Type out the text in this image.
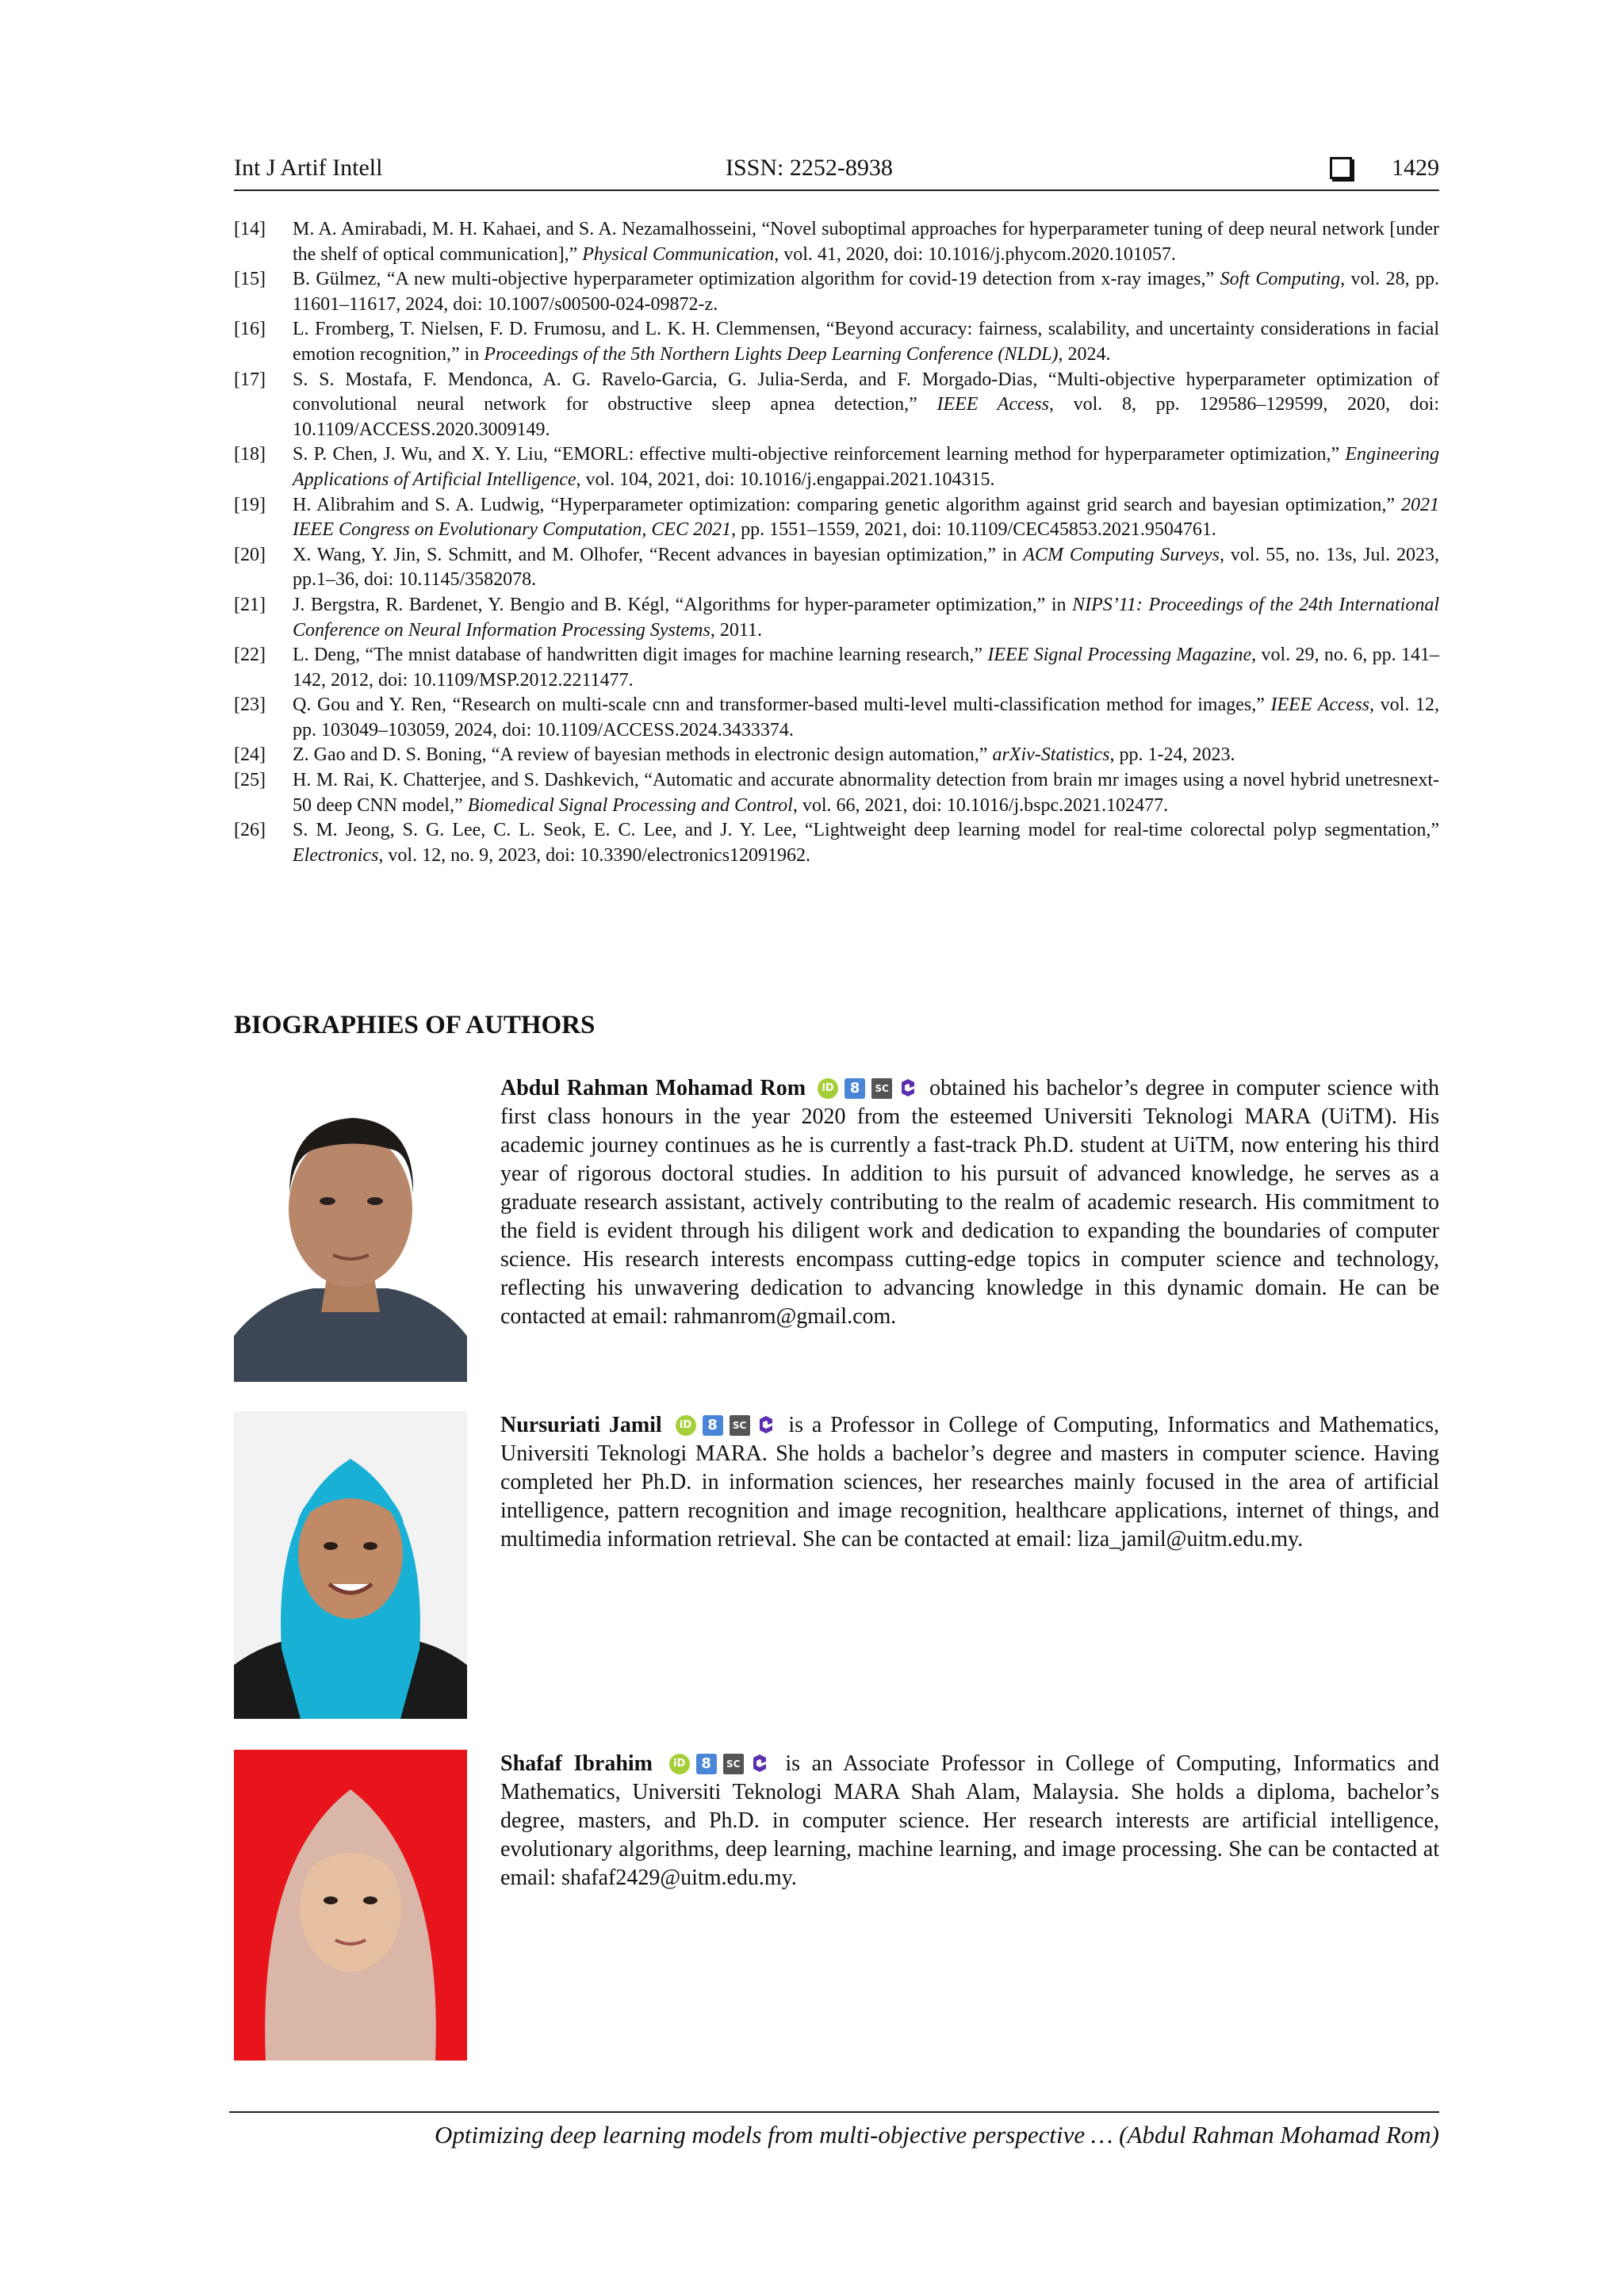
Int J Artif Intell	ISSN: 2252-8938	1429
[14]	M. A. Amirabadi, M. H. Kahaei, and S. A. Nezamalhosseini, “Novel suboptimal approaches for hyperparameter tuning of deep neural network [under the shelf of optical communication],” Physical Communication, vol. 41, 2020, doi: 10.1016/j.phycom.2020.101057.
[15]	B. Gülmez, “A new multi-objective hyperparameter optimization algorithm for covid-19 detection from x-ray images,” Soft Computing, vol. 28, pp. 11601–11617, 2024, doi: 10.1007/s00500-024-09872-z.
[16]	L. Fromberg, T. Nielsen, F. D. Frumosu, and L. K. H. Clemmensen, “Beyond accuracy: fairness, scalability, and uncertainty considerations in facial emotion recognition,” in Proceedings of the 5th Northern Lights Deep Learning Conference (NLDL), 2024.
[17]	S. S. Mostafa, F. Mendonca, A. G. Ravelo-Garcia, G. Julia-Serda, and F. Morgado-Dias, “Multi-objective hyperparameter optimization of convolutional neural network for obstructive sleep apnea detection,” IEEE Access, vol. 8, pp. 129586–129599, 2020, doi: 10.1109/ACCESS.2020.3009149.
[18]	S. P. Chen, J. Wu, and X. Y. Liu, “EMORL: effective multi-objective reinforcement learning method for hyperparameter optimization,” Engineering Applications of Artificial Intelligence, vol. 104, 2021, doi: 10.1016/j.engappai.2021.104315.
[19]	H. Alibrahim and S. A. Ludwig, “Hyperparameter optimization: comparing genetic algorithm against grid search and bayesian optimization,” 2021 IEEE Congress on Evolutionary Computation, CEC 2021, pp. 1551–1559, 2021, doi: 10.1109/CEC45853.2021.9504761.
[20]	X. Wang, Y. Jin, S. Schmitt, and M. Olhofer, “Recent advances in bayesian optimization,” in ACM Computing Surveys, vol. 55, no. 13s, Jul. 2023, pp.1–36, doi: 10.1145/3582078.
[21]	J. Bergstra, R. Bardenet, Y. Bengio and B. Kégl, “Algorithms for hyper-parameter optimization,” in NIPS’11: Proceedings of the 24th International Conference on Neural Information Processing Systems, 2011.
[22]	L. Deng, “The mnist database of handwritten digit images for machine learning research,” IEEE Signal Processing Magazine, vol. 29, no. 6, pp. 141–142, 2012, doi: 10.1109/MSP.2012.2211477.
[23]	Q. Gou and Y. Ren, “Research on multi-scale cnn and transformer-based multi-level multi-classification method for images,” IEEE Access, vol. 12, pp. 103049–103059, 2024, doi: 10.1109/ACCESS.2024.3433374.
[24]	Z. Gao and D. S. Boning, “A review of bayesian methods in electronic design automation,” arXiv-Statistics, pp. 1-24, 2023.
[25]	H. M. Rai, K. Chatterjee, and S. Dashkevich, “Automatic and accurate abnormality detection from brain mr images using a novel hybrid unetresnext-50 deep CNN model,” Biomedical Signal Processing and Control, vol. 66, 2021, doi: 10.1016/j.bspc.2021.102477.
[26]	S. M. Jeong, S. G. Lee, C. L. Seok, E. C. Lee, and J. Y. Lee, “Lightweight deep learning model for real-time colorectal polyp segmentation,” Electronics, vol. 12, no. 9, 2023, doi: 10.3390/electronics12091962.
BIOGRAPHIES OF AUTHORS
Abdul Rahman Mohamad Rom	iD	8	SC obtained his bachelor’s degree in computer science with first class honours in the year 2020 from the esteemed Universiti Teknologi MARA (UiTM). His academic journey continues as he is currently a fast-track Ph.D. student at UiTM, now entering his third year of rigorous doctoral studies. In addition to his pursuit of advanced knowledge, he serves as a graduate research assistant, actively contributing to the realm of academic research. His commitment to the field is evident through his diligent work and dedication to expanding the boundaries of computer science. His research interests encompass cutting-edge topics in computer science and technology, reflecting his unwavering dedication to advancing knowledge in this dynamic domain. He can be contacted at email: rahmanrom@gmail.com.
Nursuriati Jamil	iD	8	SC is a Professor in College of Computing, Informatics and Mathematics, Universiti Teknologi MARA. She holds a bachelor’s degree and masters in computer science. Having completed her Ph.D. in information sciences, her researches mainly focused in the area of artificial intelligence, pattern recognition and image recognition, healthcare applications, internet of things, and multimedia information retrieval. She can be contacted at email: liza_jamil@uitm.edu.my.
Shafaf Ibrahim	iD	8	SC is an Associate Professor in College of Computing, Informatics and Mathematics, Universiti Teknologi MARA Shah Alam, Malaysia. She holds a diploma, bachelor’s degree, masters, and Ph.D. in computer science. Her research interests are artificial intelligence, evolutionary algorithms, deep learning, machine learning, and image processing. She can be contacted at email: shafaf2429@uitm.edu.my.
Optimizing deep learning models from multi-objective perspective … (Abdul Rahman Mohamad Rom)
